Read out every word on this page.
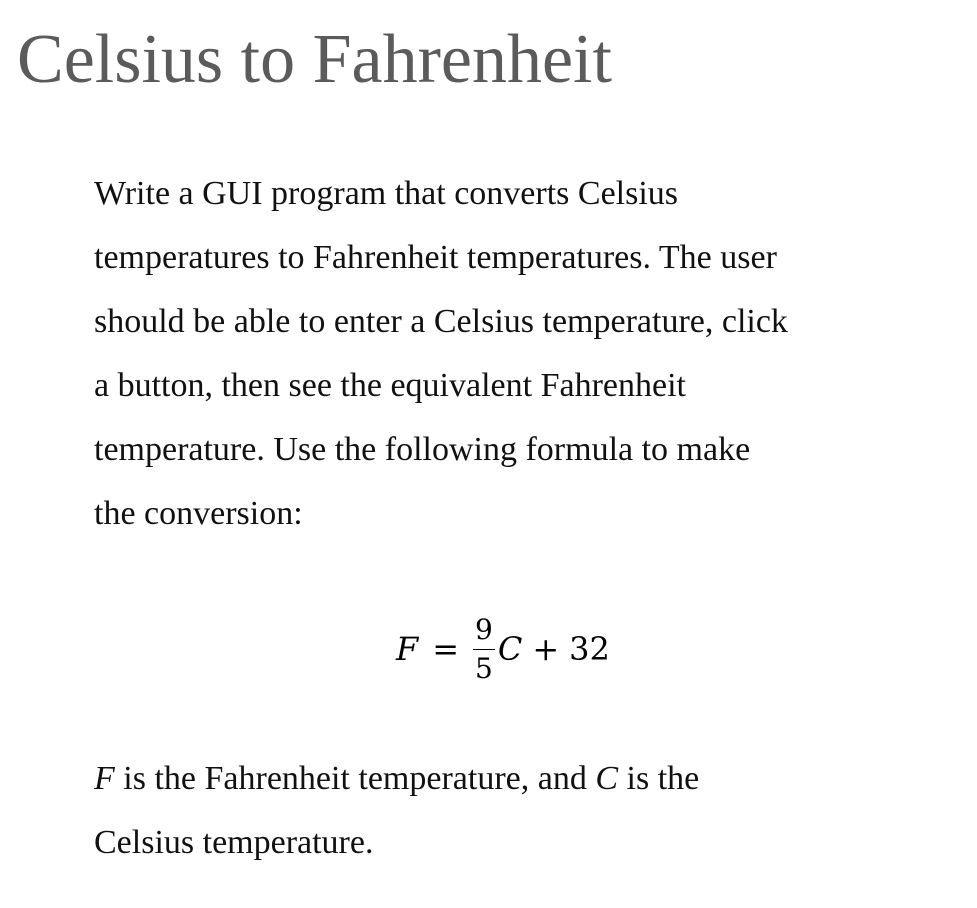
Celsius to Fahrenheit
Write a GUI program that converts Celsius
temperatures to Fahrenheit temperatures. The user
should be able to enter a Celsius temperature, click
a button, then see the equivalent Fahrenheit
temperature. Use the following formula to make
the conversion:
$F = \frac{9}{5}$ C + 32
F is the Fahrenheit temperature, and C is the
Celsius temperature.
